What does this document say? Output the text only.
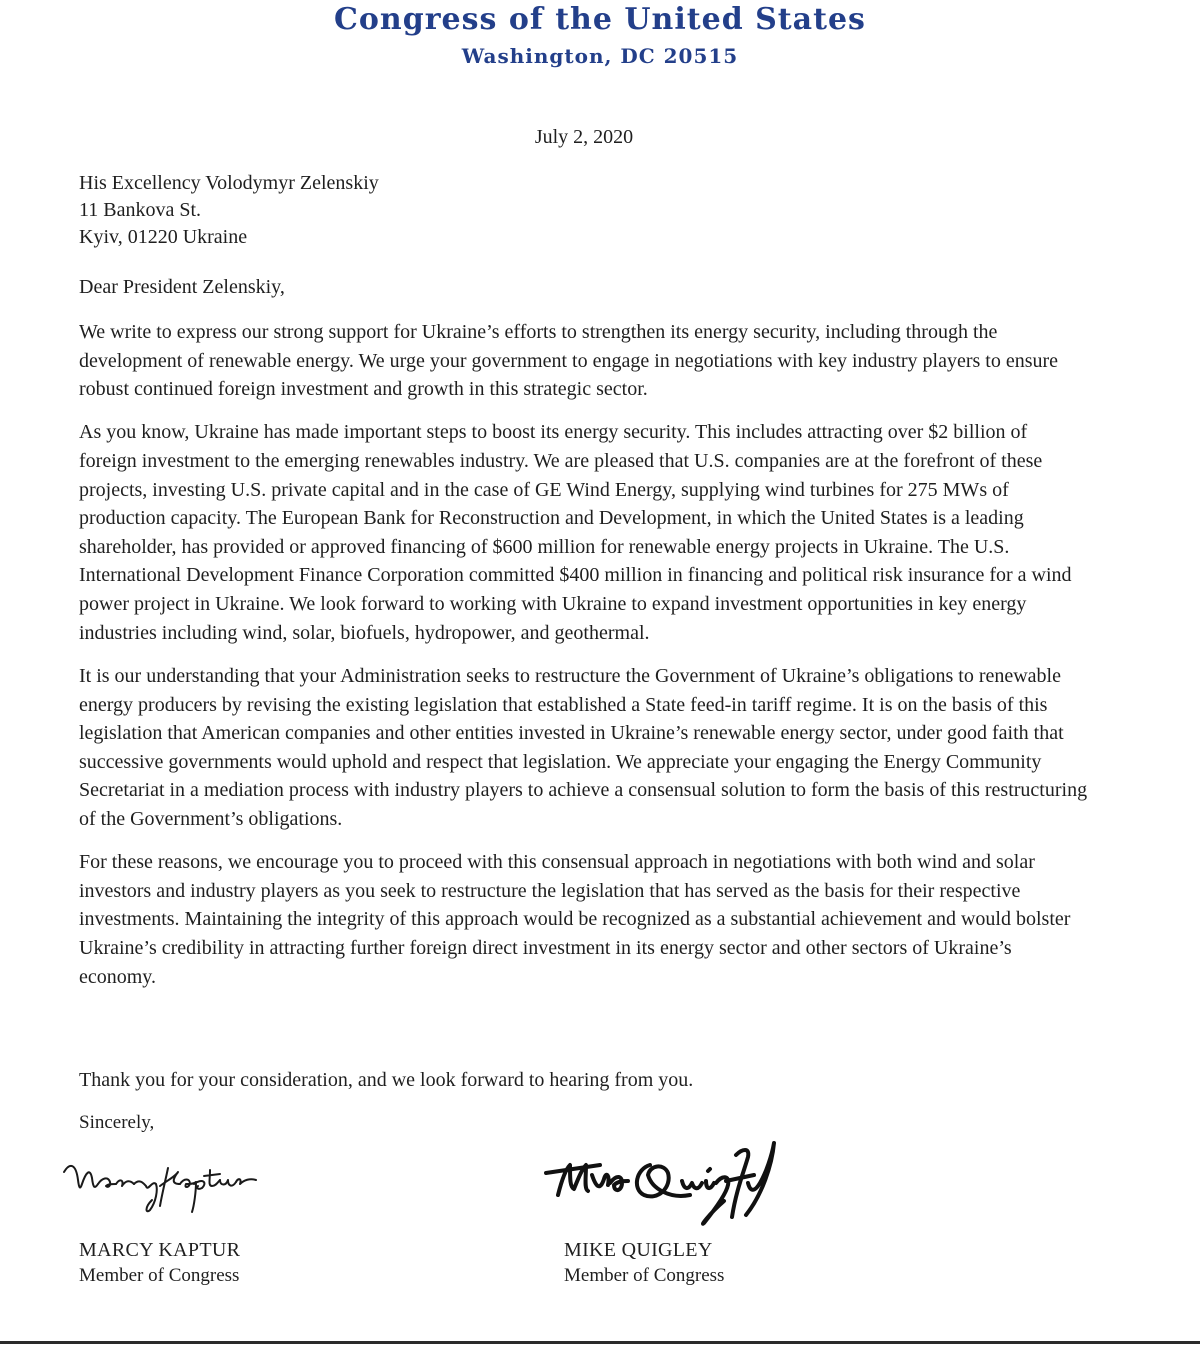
Congress of the United States
Washington, DC 20515
July 2, 2020
His Excellency Volodymyr Zelenskiy
11 Bankova St.
Kyiv, 01220 Ukraine
Dear President Zelenskiy,

We write to express our strong support for Ukraine’s efforts to strengthen its energy security, including through the development of renewable energy. We urge your government to engage in negotiations with key industry players to ensure robust continued foreign investment and growth in this strategic sector.

As you know, Ukraine has made important steps to boost its energy security. This includes attracting over $2 billion of foreign investment to the emerging renewables industry. We are pleased that U.S. companies are at the forefront of these projects, investing U.S. private capital and in the case of GE Wind Energy, supplying wind turbines for 275 MWs of production capacity. The European Bank for Reconstruction and Development, in which the United States is a leading shareholder, has provided or approved financing of $600 million for renewable energy projects in Ukraine. The U.S. International Development Finance Corporation committed $400 million in financing and political risk insurance for a wind power project in Ukraine. We look forward to working with Ukraine to expand investment opportunities in key energy industries including wind, solar, biofuels, hydropower, and geothermal.

It is our understanding that your Administration seeks to restructure the Government of Ukraine’s obligations to renewable energy producers by revising the existing legislation that established a State feed-in tariff regime. It is on the basis of this legislation that American companies and other entities invested in Ukraine’s renewable energy sector, under good faith that successive governments would uphold and respect that legislation. We appreciate your engaging the Energy Community Secretariat in a mediation process with industry players to achieve a consensual solution to form the basis of this restructuring of the Government’s obligations.

For these reasons, we encourage you to proceed with this consensual approach in negotiations with both wind and solar investors and industry players as you seek to restructure the legislation that has served as the basis for their respective investments. Maintaining the integrity of this approach would be recognized as a substantial achievement and would bolster Ukraine’s credibility in attracting further foreign direct investment in its energy sector and other sectors of Ukraine’s economy.

Thank you for your consideration, and we look forward to hearing from you.
Sincerely,
MARCY KAPTUR
Member of Congress
MIKE QUIGLEY
Member of Congress
